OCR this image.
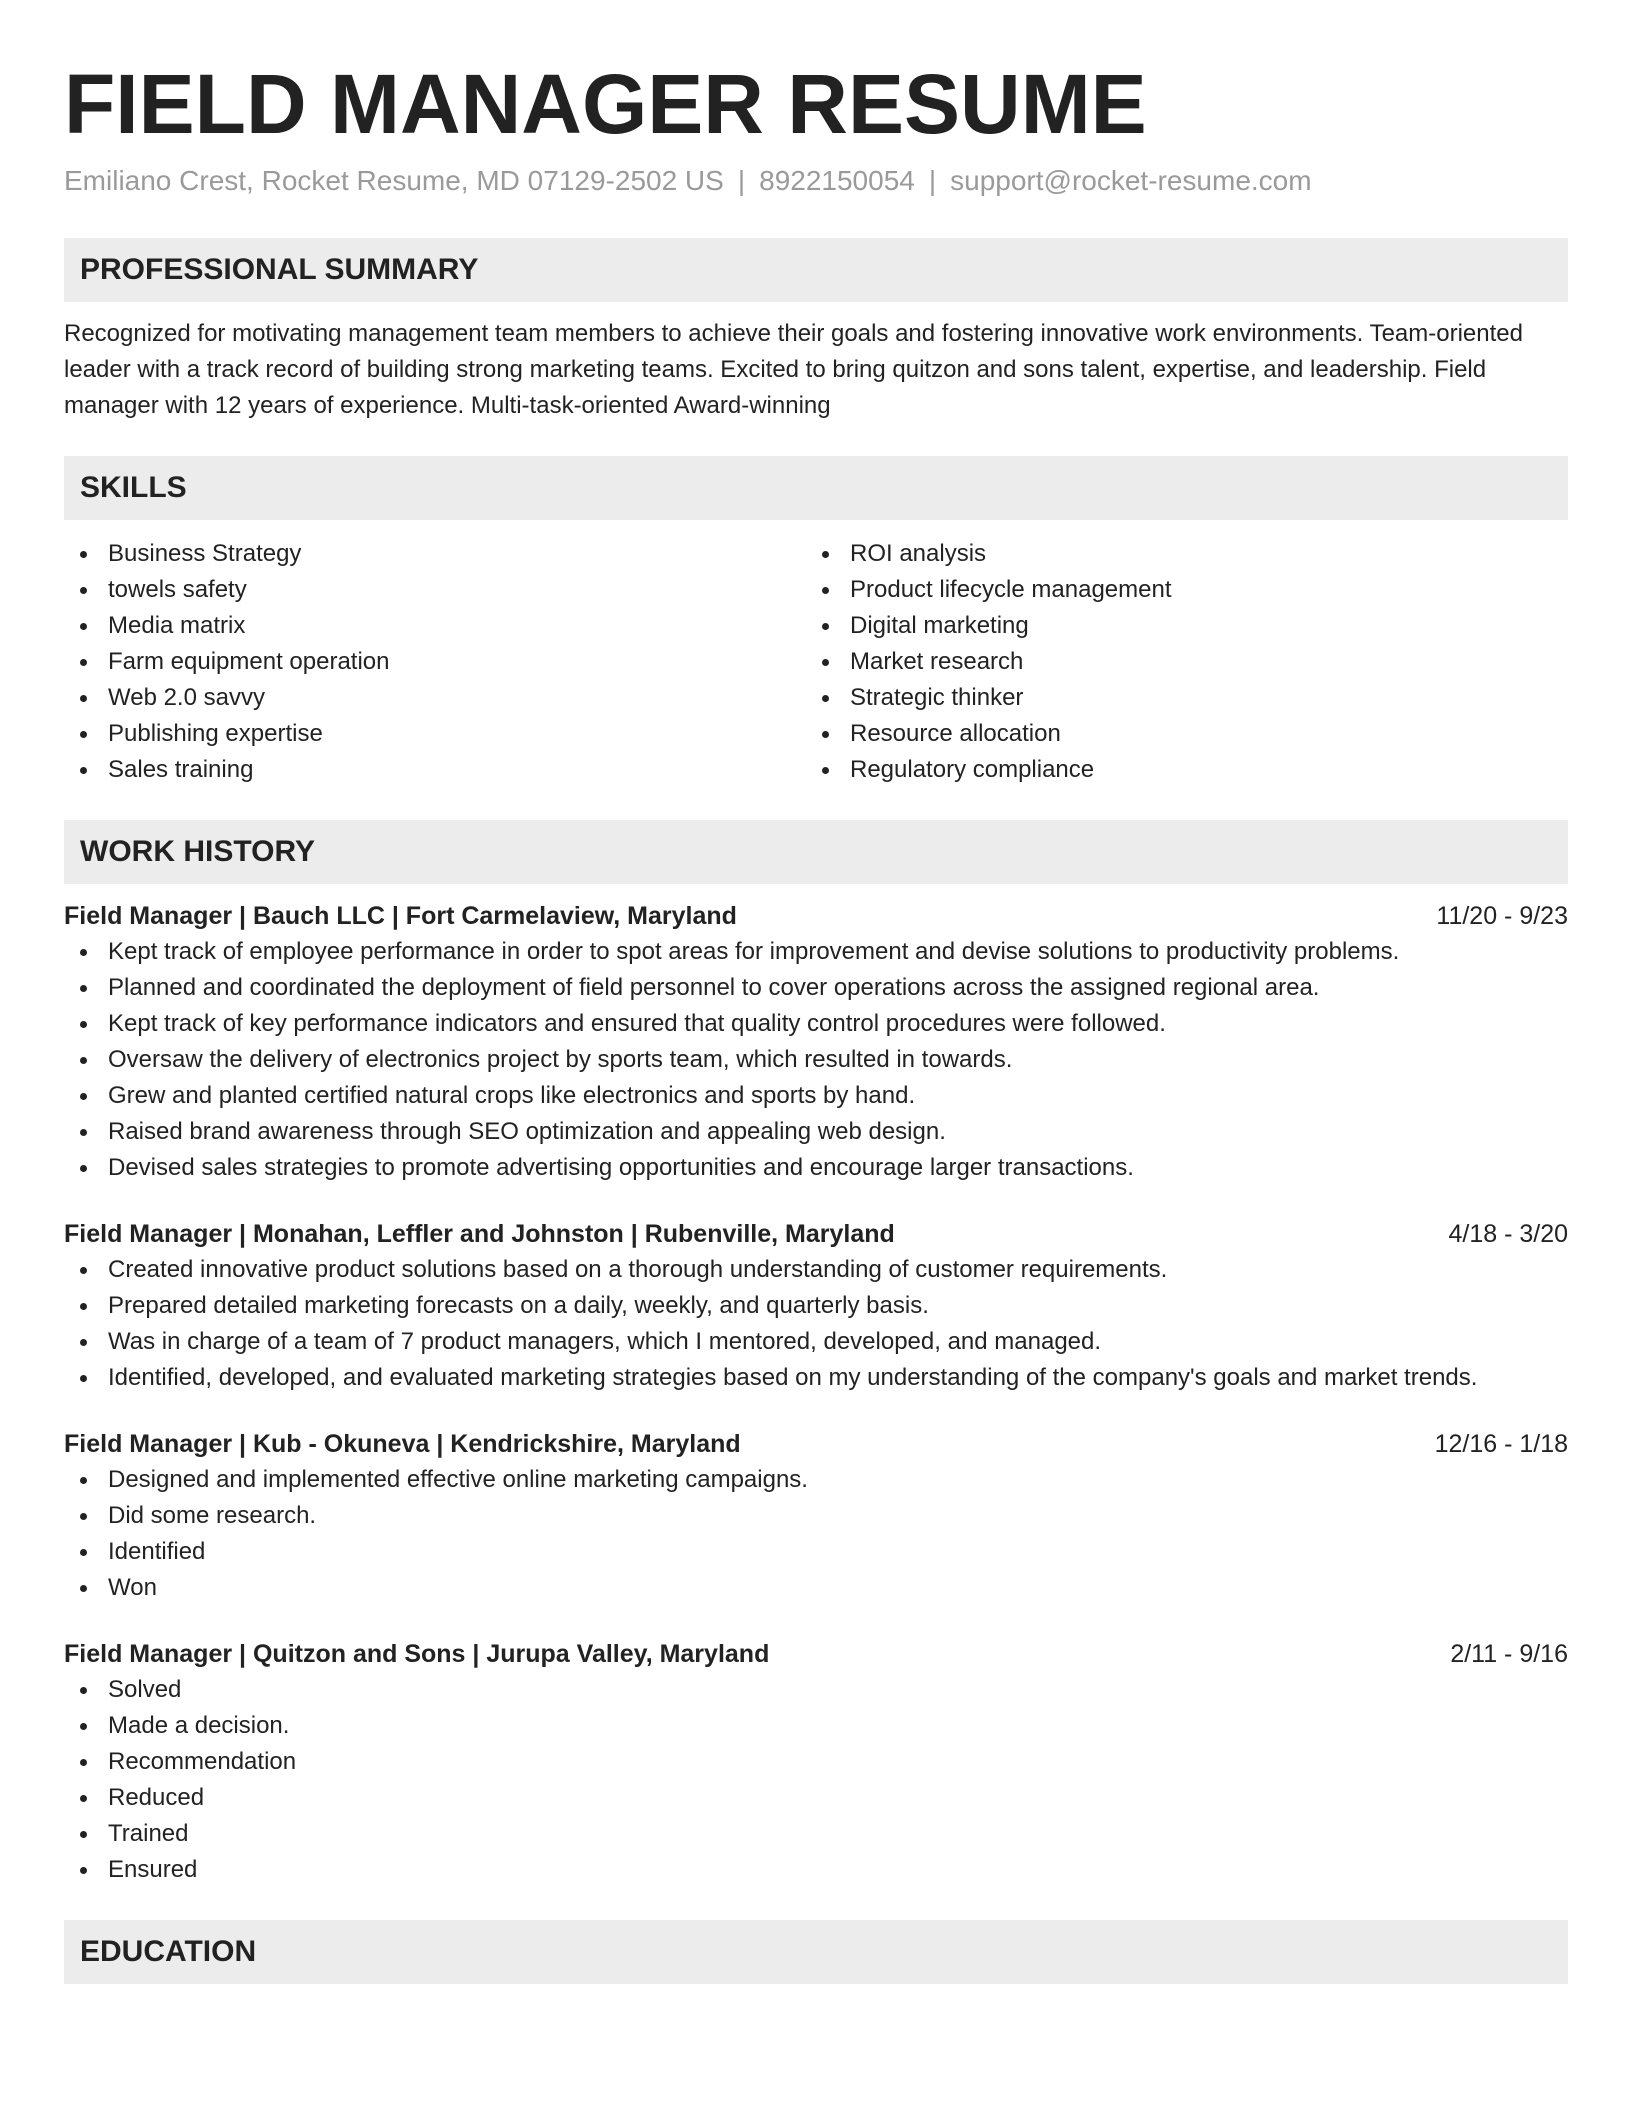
FIELD MANAGER RESUME
Emiliano Crest, Rocket Resume, MD 07129-2502 US | 8922150054 | support@rocket-resume.com
PROFESSIONAL SUMMARY
Recognized for motivating management team members to achieve their goals and fostering innovative work environments. Team-oriented leader with a track record of building strong marketing teams. Excited to bring quitzon and sons talent, expertise, and leadership. Field manager with 12 years of experience. Multi-task-oriented Award-winning
SKILLS
Business Strategy
towels safety
Media matrix
Farm equipment operation
Web 2.0 savvy
Publishing expertise
Sales training
ROI analysis
Product lifecycle management
Digital marketing
Market research
Strategic thinker
Resource allocation
Regulatory compliance
WORK HISTORY
Field Manager | Bauch LLC | Fort Carmelaview, Maryland	11/20 - 9/23
Kept track of employee performance in order to spot areas for improvement and devise solutions to productivity problems.
Planned and coordinated the deployment of field personnel to cover operations across the assigned regional area.
Kept track of key performance indicators and ensured that quality control procedures were followed.
Oversaw the delivery of electronics project by sports team, which resulted in towards.
Grew and planted certified natural crops like electronics and sports by hand.
Raised brand awareness through SEO optimization and appealing web design.
Devised sales strategies to promote advertising opportunities and encourage larger transactions.
Field Manager | Monahan, Leffler and Johnston | Rubenville, Maryland	4/18 - 3/20
Created innovative product solutions based on a thorough understanding of customer requirements.
Prepared detailed marketing forecasts on a daily, weekly, and quarterly basis.
Was in charge of a team of 7 product managers, which I mentored, developed, and managed.
Identified, developed, and evaluated marketing strategies based on my understanding of the company's goals and market trends.
Field Manager | Kub - Okuneva | Kendrickshire, Maryland	12/16 - 1/18
Designed and implemented effective online marketing campaigns.
Did some research.
Identified
Won
Field Manager | Quitzon and Sons | Jurupa Valley, Maryland	2/11 - 9/16
Solved
Made a decision.
Recommendation
Reduced
Trained
Ensured
EDUCATION
